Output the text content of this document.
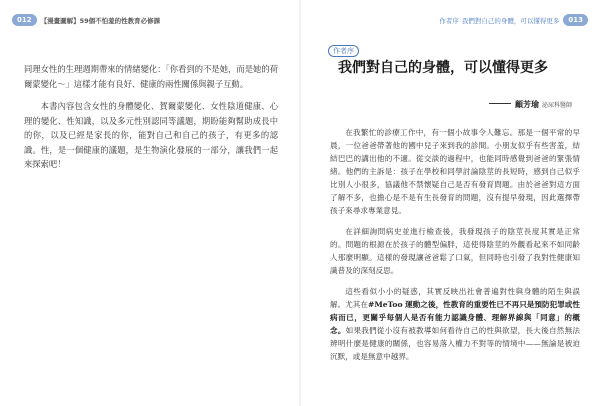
012	【漫畫圖解】59個不怕羞的性教育必修課

同理女性的生理週期帶來的情緒變化：「你看到的不是她，而是她的荷爾蒙變化～」這樣才能有良好、健康的兩性關係與親子互動。

本書內容包含女性的身體變化、賀爾蒙變化、女性陰道健康、心理的變化、性知識，以及多元性別認同等議題，期盼能夠幫助成長中的你，以及已經是家長的你，能對自己和自己的孩子，有更多的認識。性，是一個健康的議題，是生物演化發展的一部分，讓我們一起來探索吧！

作者序 我們對自己的身體，可以懂得更多	013
作者序
我們對自己的身體，可以懂得更多
顧芳瑜 泌尿科醫師

在我繁忙的診療工作中，有一個小故事令人難忘。那是一個平常的早晨，一位爸爸帶著他的國中兒子來到我的診間。小朋友似乎有些害羞，結結巴巴的講出他的不適。從交談的過程中，也能同時感覺到爸爸的緊張情緒。他們的主訴是：孩子在學校和同學討論陰莖的長短時，感到自己似乎比別人小很多，協議他不禁懷疑自己是否有發育問題。由於爸爸對這方面了解不多，也擔心是不是有生長發育的問題，沒有提早發現，因此選擇帶孩子來尋求專業意見。

在詳細詢問病史並進行檢查後，我發現孩子的陰莖長度其實是正常的。問題的根源在於孩子的體型偏胖，這使得陰莖的外觀看起來不如同齡人那麼明顯。這樣的發現讓爸爸鬆了口氣，但同時也引發了我對性健康知識普及的深刻反思。

這些看似小小的疑惑，其實反映出社會普遍對性與身體的陌生與誤解。尤其在#MeToo 運動之後，性教育的重要性已不再只是預防犯罪或性病而已，更關乎每個人是否有能力認識身體、理解界線與「同意」的概念。如果我們從小沒有被教導如何看待自己的性與欲望，長大後自然無法辨明什麼是健康的關係，也容易落入權力不對等的情境中——無論是被迫沉默，或是無意中越界。
